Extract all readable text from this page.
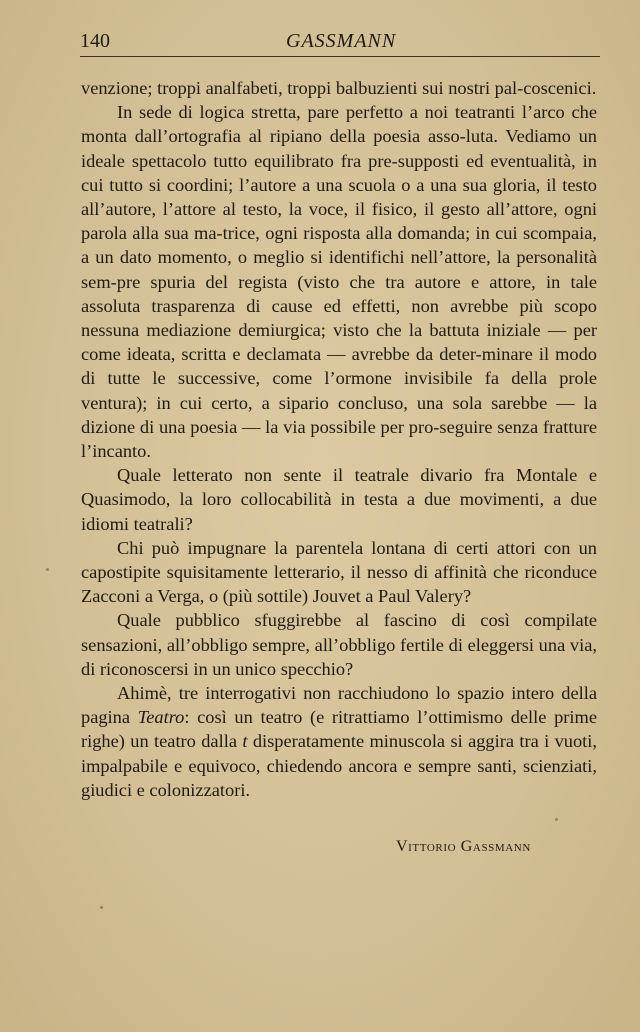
140	GASSMANN

venzione; troppi analfabeti, troppi balbuzienti sui nostri pal-coscenici.

In sede di logica stretta, pare perfetto a noi teatranti l’arco che monta dall’ortografia al ripiano della poesia asso-luta. Vediamo un ideale spettacolo tutto equilibrato fra pre-supposti ed eventualità, in cui tutto si coordini; l’autore a una scuola o a una sua gloria, il testo all’autore, l’attore al testo, la voce, il fisico, il gesto all’attore, ogni parola alla sua ma-trice, ogni risposta alla domanda; in cui scompaia, a un dato momento, o meglio si identifichi nell’attore, la personalità sem-pre spuria del regista (visto che tra autore e attore, in tale assoluta trasparenza di cause ed effetti, non avrebbe più scopo nessuna mediazione demiurgica; visto che la battuta iniziale — per come ideata, scritta e declamata — avrebbe da deter-minare il modo di tutte le successive, come l’ormone invisibile fa della prole ventura); in cui certo, a sipario concluso, una sola sarebbe — la dizione di una poesia — la via possibile per pro-seguire senza fratture l’incanto.

Quale letterato non sente il teatrale divario fra Montale e Quasimodo, la loro collocabilità in testa a due movimenti, a due idiomi teatrali?

Chi può impugnare la parentela lontana di certi attori con un capostipite squisitamente letterario, il nesso di affinità che riconduce Zacconi a Verga, o (più sottile) Jouvet a Paul Valery?

Quale pubblico sfuggirebbe al fascino di così compilate sensazioni, all’obbligo sempre, all’obbligo fertile di eleggersi una via, di riconoscersi in un unico specchio?

Ahimè, tre interrogativi non racchiudono lo spazio intero della pagina Teatro: così un teatro (e ritrattiamo l’ottimismo delle prime righe) un teatro dalla t disperatamente minuscola si aggira tra i vuoti, impalpabile e equivoco, chiedendo ancora e sempre santi, scienziati, giudici e colonizzatori.

Vittorio Gassmann
